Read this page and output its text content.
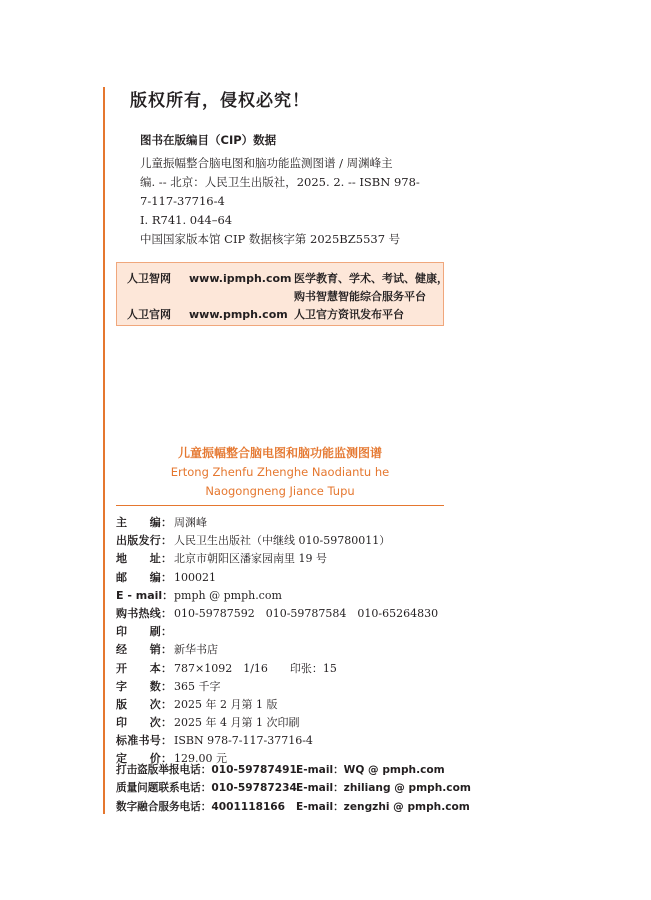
版权所有，侵权必究！
图书在版编目（CIP）数据
儿童振幅整合脑电图和脑功能监测图谱 / 周渊峰主
编. -- 北京：人民卫生出版社，2025. 2. -- ISBN 978-
7-117-37716-4
Ⅰ. R741. 044–64
中国国家版本馆 CIP 数据核字第 2025BZ5537 号
人卫智网 www.ipmph.com 医学教育、学术、考试、健康，
购书智慧智能综合服务平台
人卫官网 www.pmph.com 人卫官方资讯发布平台
儿童振幅整合脑电图和脑功能监测图谱
Ertong Zhenfu Zhenghe Naodiantu he
Naogongneng Jiance Tupu
主　　编： 周渊峰
出版发行： 人民卫生出版社（中继线 010-59780011）
地　　址： 北京市朝阳区潘家园南里 19 号
邮　　编： 100021
E - mail：pmph @ pmph.com
购书热线： 010-59787592　010-59787584　010-65264830
印　　刷：
经　　销： 新华书店
开　　本： 787×1092　1/16　　印张：15
字　　数： 365 千字
版　　次： 2025 年 2 月第 1 版
印　　次： 2025 年 4 月第 1 次印刷
标准书号： ISBN 978-7-117-37716-4
定　　价： 129.00 元
打击盗版举报电话：010-59787491E-mail：WQ @ pmph.com
质量问题联系电话：010-59787234E-mail：zhiliang @ pmph.com
数字融合服务电话：4001118166 E-mail：zengzhi @ pmph.com
